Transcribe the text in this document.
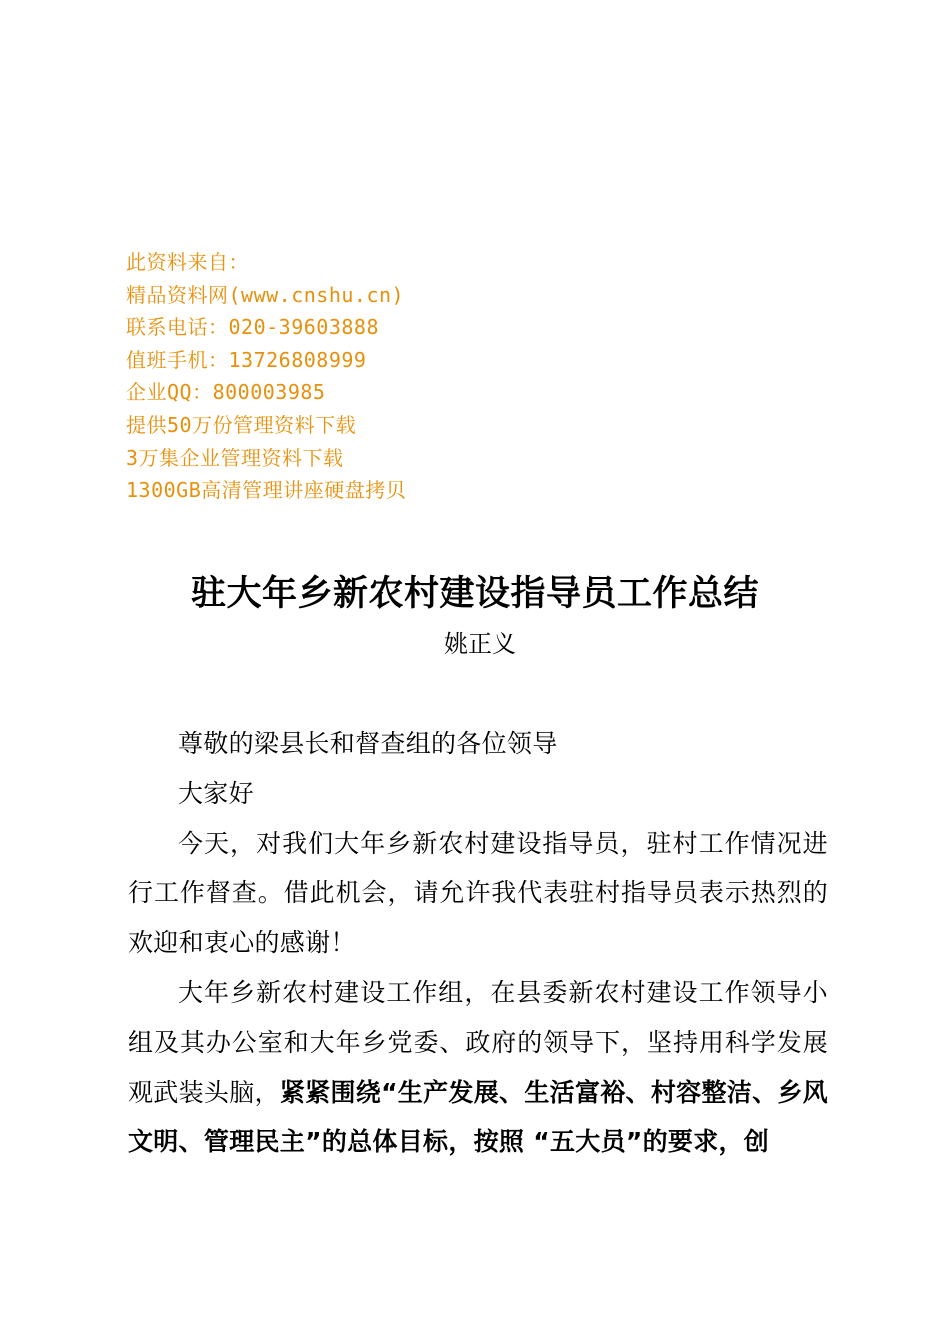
此资料来自：
精品资料网(www.cnshu.cn)
联系电话：020-39603888
值班手机：13726808999
企业QQ：800003985
提供50万份管理资料下载
3万集企业管理资料下载
1300GB高清管理讲座硬盘拷贝
驻大年乡新农村建设指导员工作总结
姚正义

尊敬的梁县长和督查组的各位领导

大家好

今天，对我们大年乡新农村建设指导员，驻村工作情况进行工作督查。借此机会，请允许我代表驻村指导员表示热烈的欢迎和衷心的感谢！

大年乡新农村建设工作组，在县委新农村建设工作领导小组及其办公室和大年乡党委、政府的领导下，坚持用科学发展观武装头脑，紧紧围绕“生产发展、生活富裕、村容整洁、乡风文明、管理民主”的总体目标，按照 “五大员”的要求，创
